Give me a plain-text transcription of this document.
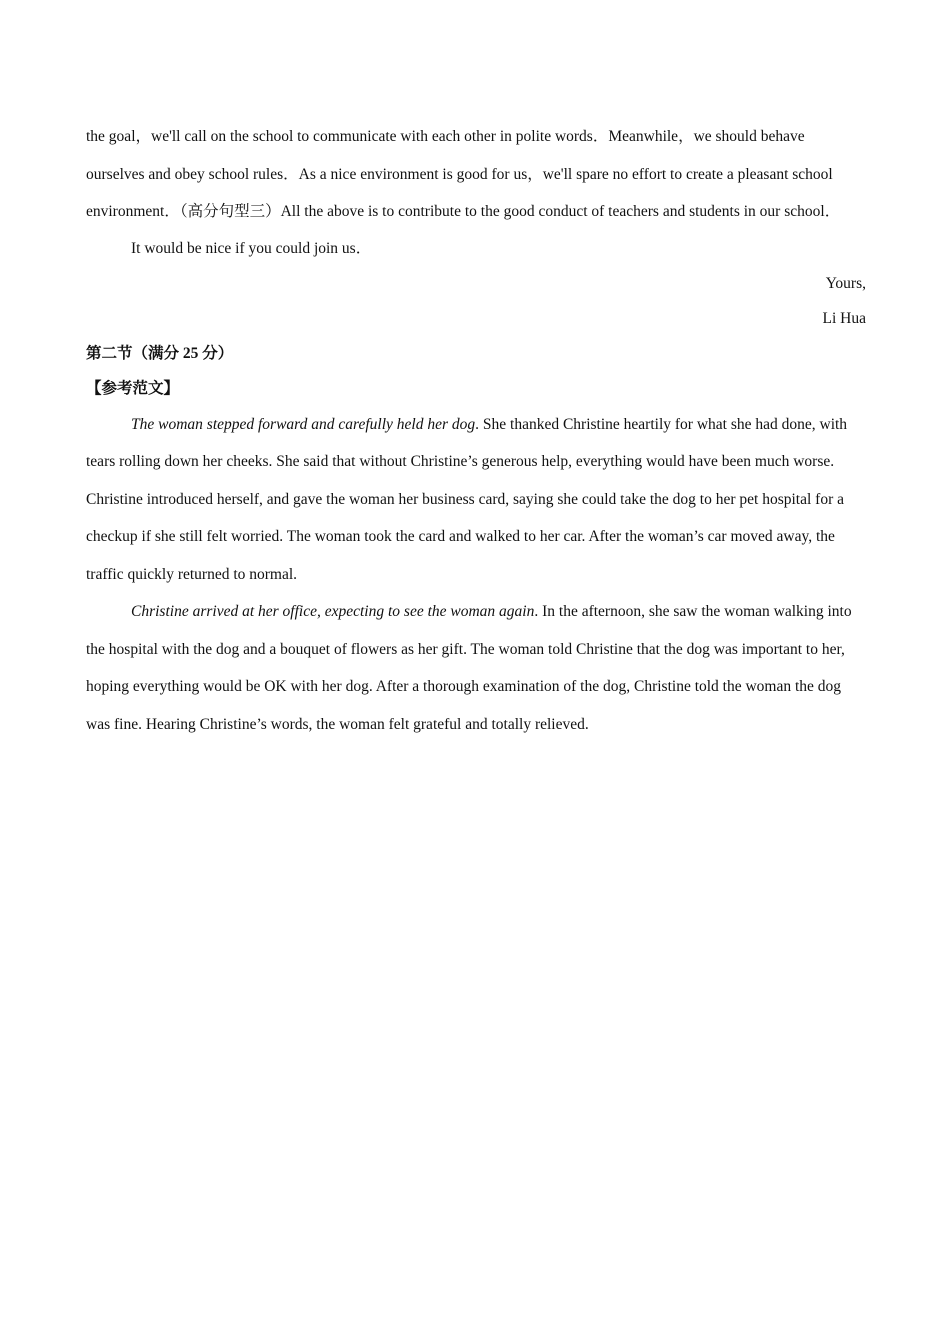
the goal，we'll call on the school to communicate with each other in polite words．Meanwhile，we should behave ourselves and obey school rules．As a nice environment is good for us，we'll spare no effort to create a pleasant school environment．（高分句型三）All the above is to contribute to the good conduct of teachers and students in our school．

It would be nice if you could join us．

Yours,

Li Hua

第二节（满分 25 分）

【参考范文】

The woman stepped forward and carefully held her dog. She thanked Christine heartily for what she had done, with tears rolling down her cheeks. She said that without Christine’s generous help, everything would have been much worse. Christine introduced herself, and gave the woman her business card, saying she could take the dog to her pet hospital for a checkup if she still felt worried. The woman took the card and walked to her car. After the woman’s car moved away, the traffic quickly returned to normal.

Christine arrived at her office, expecting to see the woman again. In the afternoon, she saw the woman walking into the hospital with the dog and a bouquet of flowers as her gift. The woman told Christine that the dog was important to her, hoping everything would be OK with her dog. After a thorough examination of the dog, Christine told the woman the dog was fine. Hearing Christine’s words, the woman felt grateful and totally relieved.
